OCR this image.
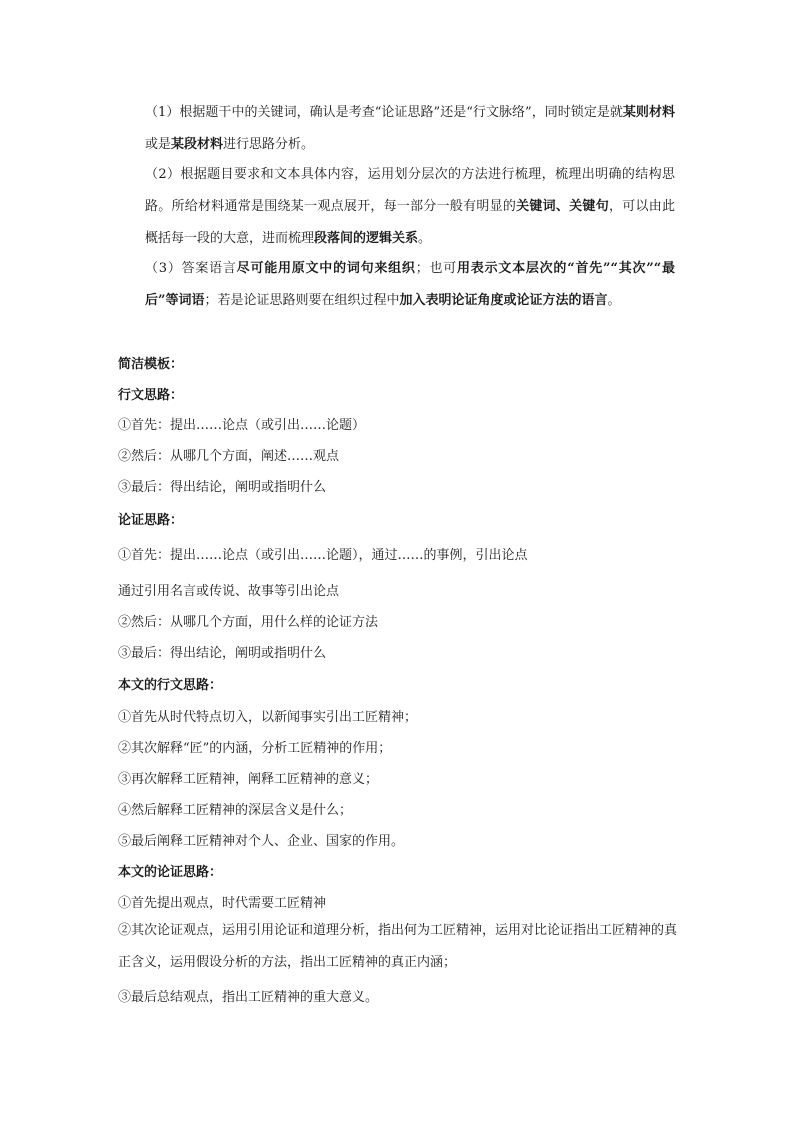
（1）根据题干中的关键词，确认是考查“论证思路”还是“行文脉络”，同时锁定是就某则材料或是某段材料进行思路分析。

（2）根据题目要求和文本具体内容，运用划分层次的方法进行梳理，梳理出明确的结构思路。所给材料通常是围绕某一观点展开，每一部分一般有明显的关键词、关键句，可以由此概括每一段的大意，进而梳理段落间的逻辑关系。

（3）答案语言尽可能用原文中的词句来组织；也可用表示文本层次的“首先”“其次”“最后”等词语；若是论证思路则要在组织过程中加入表明论证角度或论证方法的语言。

简洁模板：
行文思路：
①首先：提出……论点（或引出……论题）
②然后：从哪几个方面，阐述……观点
③最后：得出结论，阐明或指明什么
论证思路：
①首先：提出……论点（或引出……论题），通过……的事例，引出论点
通过引用名言或传说、故事等引出论点
②然后：从哪几个方面，用什么样的论证方法
③最后：得出结论，阐明或指明什么
本文的行文思路：
①首先从时代特点切入，以新闻事实引出工匠精神；
②其次解释“匠”的内涵，分析工匠精神的作用；
③再次解释工匠精神，阐释工匠精神的意义；
④然后解释工匠精神的深层含义是什么；
⑤最后阐释工匠精神对个人、企业、国家的作用。
本文的论证思路：
①首先提出观点，时代需要工匠精神

②其次论证观点，运用引用论证和道理分析，指出何为工匠精神，运用对比论证指出工匠精神的真正含义，运用假设分析的方法，指出工匠精神的真正内涵；

③最后总结观点，指出工匠精神的重大意义。
